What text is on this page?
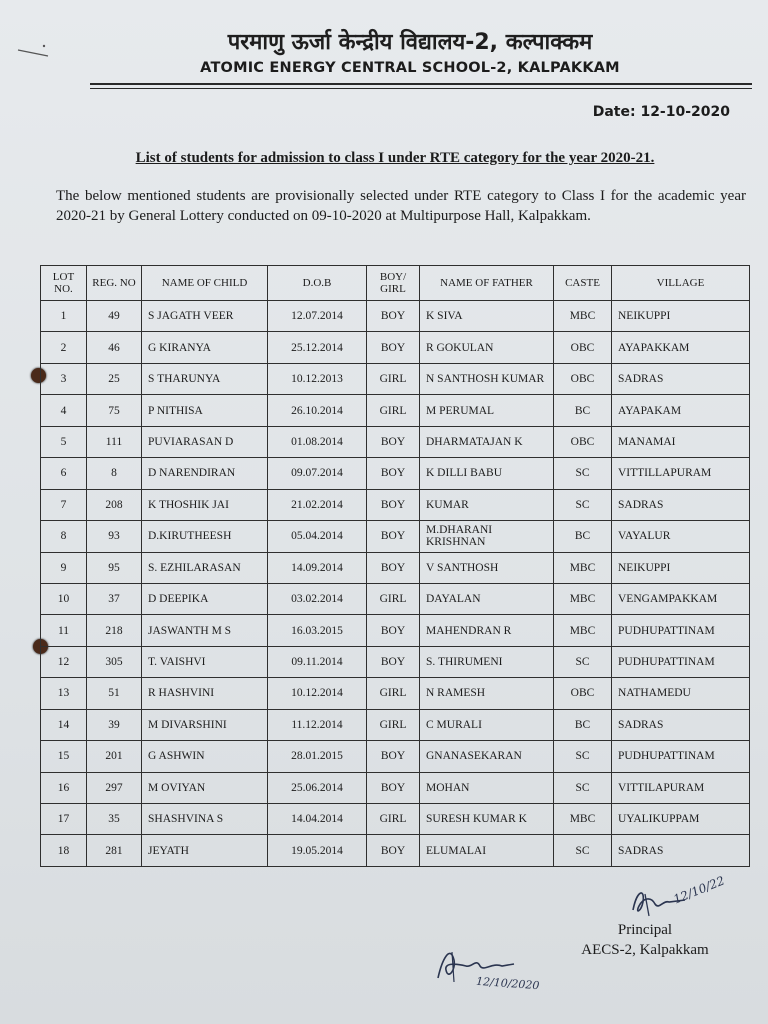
परमाणु ऊर्जा केन्द्रीय विद्यालय-2, कल्पाक्कम
ATOMIC ENERGY CENTRAL SCHOOL-2, KALPAKKAM
Date: 12-10-2020
List of students for admission to class I under RTE category for the year 2020-21.
The below mentioned students are provisionally selected under RTE category to Class I for the academic year 2020-21 by General Lottery conducted on 09-10-2020 at Multipurpose Hall, Kalpakkam.
LOT NO.	REG. NO	NAME OF CHILD	D.O.B	BOY/ GIRL	NAME OF FATHER	CASTE	VILLAGE
1	49	S JAGATH VEER	12.07.2014	BOY	K SIVA	MBC	NEIKUPPI
2	46	G KIRANYA	25.12.2014	BOY	R GOKULAN	OBC	AYAPAKKAM
3	25	S THARUNYA	10.12.2013	GIRL	N SANTHOSH KUMAR	OBC	SADRAS
4	75	P NITHISA	26.10.2014	GIRL	M PERUMAL	BC	AYAPAKAM
5	111	PUVIARASAN D	01.08.2014	BOY	DHARMATAJAN K	OBC	MANAMAI
6	8	D NARENDIRAN	09.07.2014	BOY	K DILLI BABU	SC	VITTILLAPURAM
7	208	K THOSHIK JAI	21.02.2014	BOY	KUMAR	SC	SADRAS
8	93	D.KIRUTHEESH	05.04.2014	BOY	M.DHARANI KRISHNAN	BC	VAYALUR
9	95	S. EZHILARASAN	14.09.2014	BOY	V SANTHOSH	MBC	NEIKUPPI
10	37	D DEEPIKA	03.02.2014	GIRL	DAYALAN	MBC	VENGAMPAKKAM
11	218	JASWANTH M S	16.03.2015	BOY	MAHENDRAN R	MBC	PUDHUPATTINAM
12	305	T. VAISHVI	09.11.2014	BOY	S. THIRUMENI	SC	PUDHUPATTINAM
13	51	R HASHVINI	10.12.2014	GIRL	N RAMESH	OBC	NATHAMEDU
14	39	M DIVARSHINI	11.12.2014	GIRL	C MURALI	BC	SADRAS
15	201	G ASHWIN	28.01.2015	BOY	GNANASEKARAN	SC	PUDHUPATTINAM
16	297	M OVIYAN	25.06.2014	BOY	MOHAN	SC	VITTILAPURAM
17	35	SHASHVINA S	14.04.2014	GIRL	SURESH KUMAR K	MBC	UYALIKUPPAM
18	281	JEYATH	19.05.2014	BOY	ELUMALAI	SC	SADRAS
12/10/22
Principal
AECS-2, Kalpakkam
12/10/2020
